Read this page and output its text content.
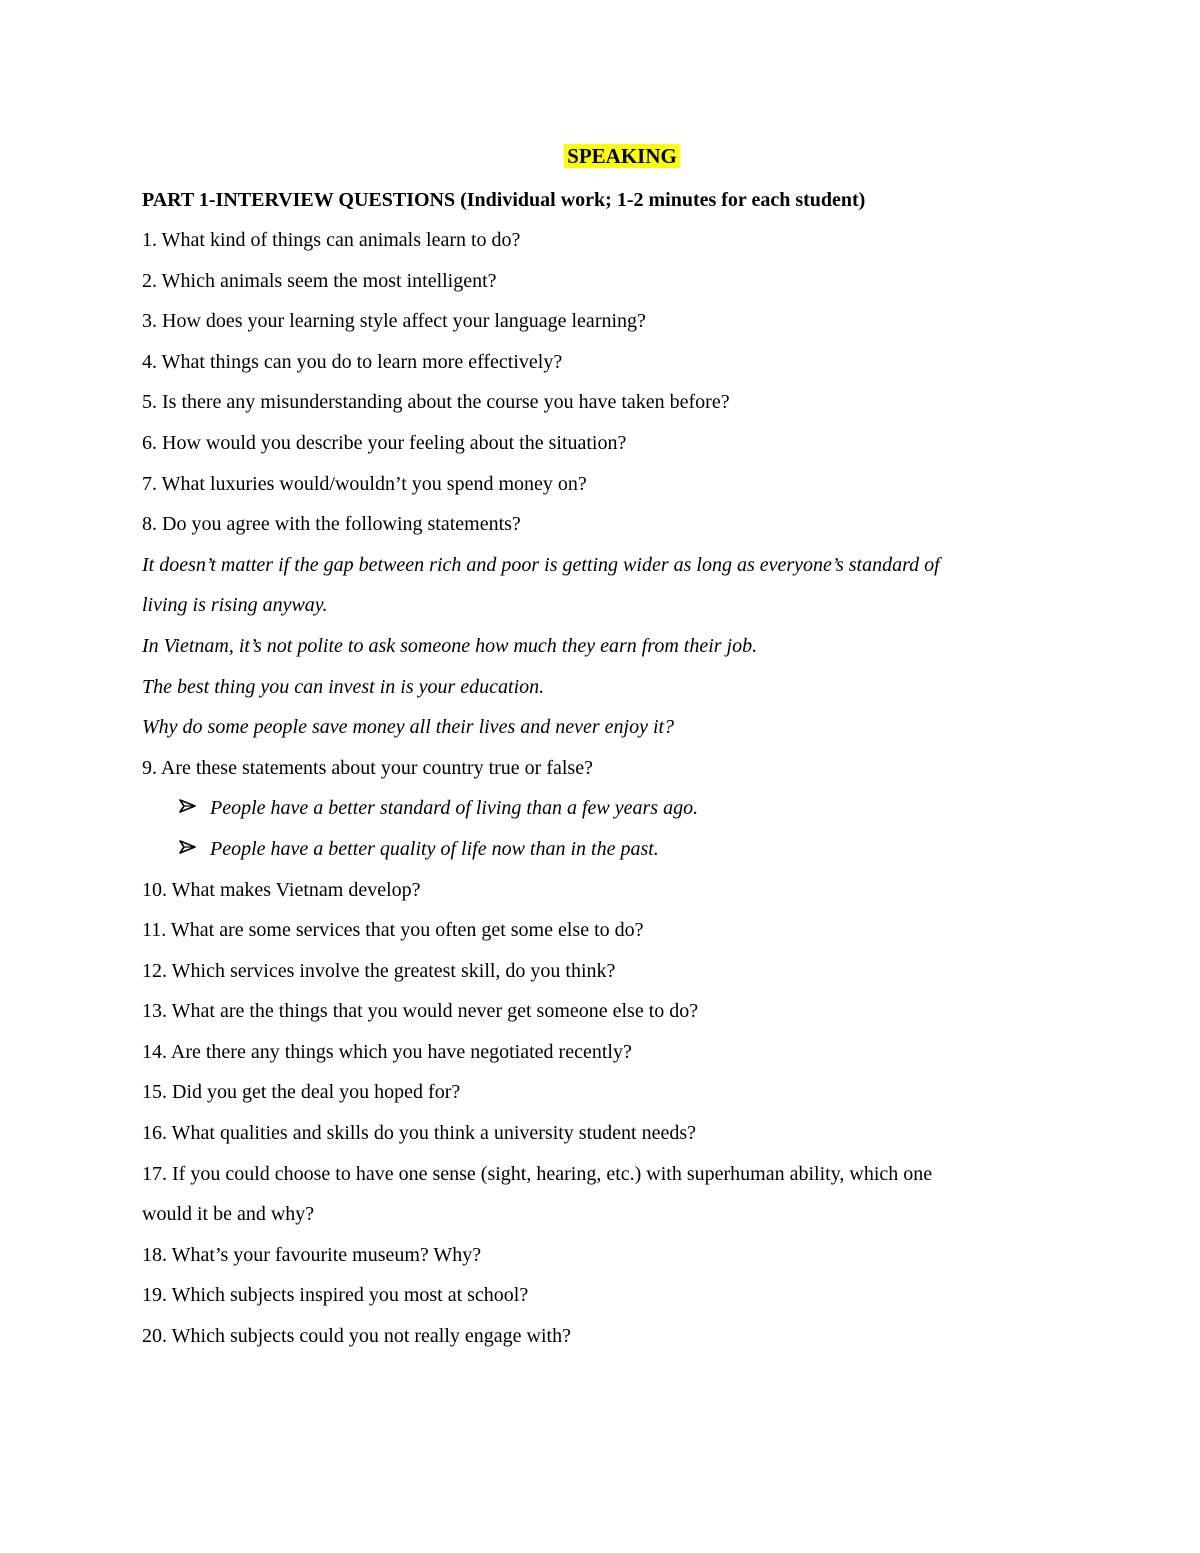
SPEAKING
PART 1-INTERVIEW QUESTIONS (Individual work; 1-2 minutes for each student)
1. What kind of things can animals learn to do?
2. Which animals seem the most intelligent?
3. How does your learning style affect your language learning?
4. What things can you do to learn more effectively?
5. Is there any misunderstanding about the course you have taken before?
6. How would you describe your feeling about the situation?
7. What luxuries would/wouldn’t you spend money on?
8. Do you agree with the following statements?
It doesn’t matter if the gap between rich and poor is getting wider as long as everyone’s standard of
living is rising anyway.
In Vietnam, it’s not polite to ask someone how much they earn from their job.
The best thing you can invest in is your education.
Why do some people save money all their lives and never enjoy it?
9. Are these statements about your country true or false?
People have a better standard of living than a few years ago.
People have a better quality of life now than in the past.
10. What makes Vietnam develop?
11. What are some services that you often get some else to do?
12. Which services involve the greatest skill, do you think?
13. What are the things that you would never get someone else to do?
14. Are there any things which you have negotiated recently?
15. Did you get the deal you hoped for?
16. What qualities and skills do you think a university student needs?
17. If you could choose to have one sense (sight, hearing, etc.) with superhuman ability, which one
would it be and why?
18. What’s your favourite museum? Why?
19. Which subjects inspired you most at school?
20. Which subjects could you not really engage with?
